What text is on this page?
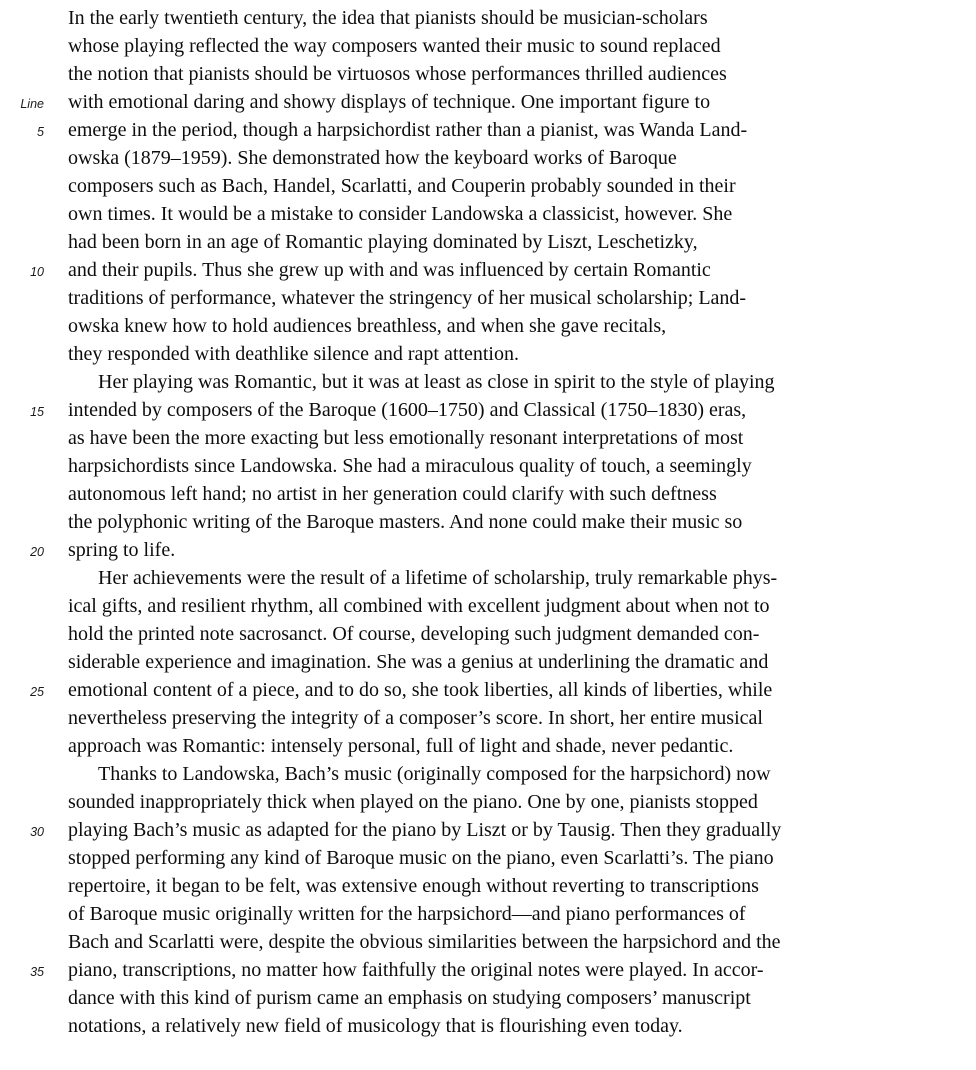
In the early twentieth century, the idea that pianists should be musician-scholars
whose playing reflected the way composers wanted their music to sound replaced
the notion that pianists should be virtuosos whose performances thrilled audiences
Line with emotional daring and showy displays of technique. One important figure to
5 emerge in the period, though a harpsichordist rather than a pianist, was Wanda Land-
owska (1879–1959). She demonstrated how the keyboard works of Baroque
composers such as Bach, Handel, Scarlatti, and Couperin probably sounded in their
own times. It would be a mistake to consider Landowska a classicist, however. She
had been born in an age of Romantic playing dominated by Liszt, Leschetizky,
10 and their pupils. Thus she grew up with and was influenced by certain Romantic
traditions of performance, whatever the stringency of her musical scholarship; Land-
owska knew how to hold audiences breathless, and when she gave recitals,
they responded with deathlike silence and rapt attention.
Her playing was Romantic, but it was at least as close in spirit to the style of playing
15 intended by composers of the Baroque (1600–1750) and Classical (1750–1830) eras,
as have been the more exacting but less emotionally resonant interpretations of most
harpsichordists since Landowska. She had a miraculous quality of touch, a seemingly
autonomous left hand; no artist in her generation could clarify with such deftness
the polyphonic writing of the Baroque masters. And none could make their music so
20 spring to life.
Her achievements were the result of a lifetime of scholarship, truly remarkable phys-
ical gifts, and resilient rhythm, all combined with excellent judgment about when not to
hold the printed note sacrosanct. Of course, developing such judgment demanded con-
siderable experience and imagination. She was a genius at underlining the dramatic and
25 emotional content of a piece, and to do so, she took liberties, all kinds of liberties, while
nevertheless preserving the integrity of a composer’s score. In short, her entire musical
approach was Romantic: intensely personal, full of light and shade, never pedantic.
Thanks to Landowska, Bach’s music (originally composed for the harpsichord) now
sounded inappropriately thick when played on the piano. One by one, pianists stopped
30 playing Bach’s music as adapted for the piano by Liszt or by Tausig. Then they gradually
stopped performing any kind of Baroque music on the piano, even Scarlatti’s. The piano
repertoire, it began to be felt, was extensive enough without reverting to transcriptions
of Baroque music originally written for the harpsichord—and piano performances of
Bach and Scarlatti were, despite the obvious similarities between the harpsichord and the
35 piano, transcriptions, no matter how faithfully the original notes were played. In accor-
dance with this kind of purism came an emphasis on studying composers’ manuscript
notations, a relatively new field of musicology that is flourishing even today.
